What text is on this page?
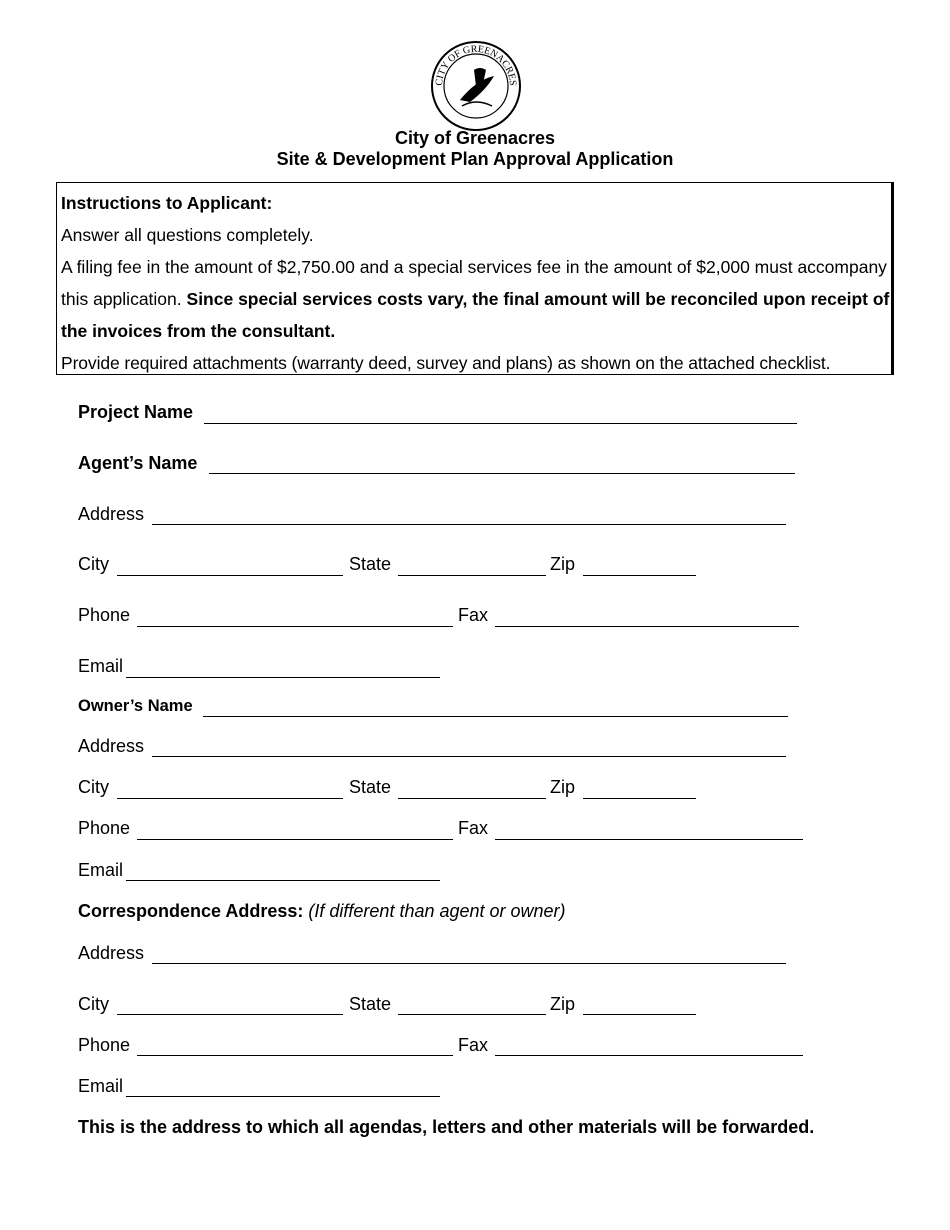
CITY OF GREENACRES
City of Greenacres
Site & Development Plan Approval Application

Instructions to Applicant:

Answer all questions completely.

A filing fee in the amount of $2,750.00 and a special services fee in the amount of $2,000 must accompany this application. Since special services costs vary, the final amount will be reconciled upon receipt of the invoices from the consultant.

Provide required attachments (warranty deed, survey and plans) as shown on the attached checklist.

Project Name
Agent’s Name
Address
City	State	Zip
Phone	Fax
Email
Owner’s Name
Address
City	State	Zip
Phone	Fax
Email
Correspondence Address: (If different than agent or owner)
Address
City	State	Zip
Phone	Fax
Email
This is the address to which all agendas, letters and other materials will be forwarded.
